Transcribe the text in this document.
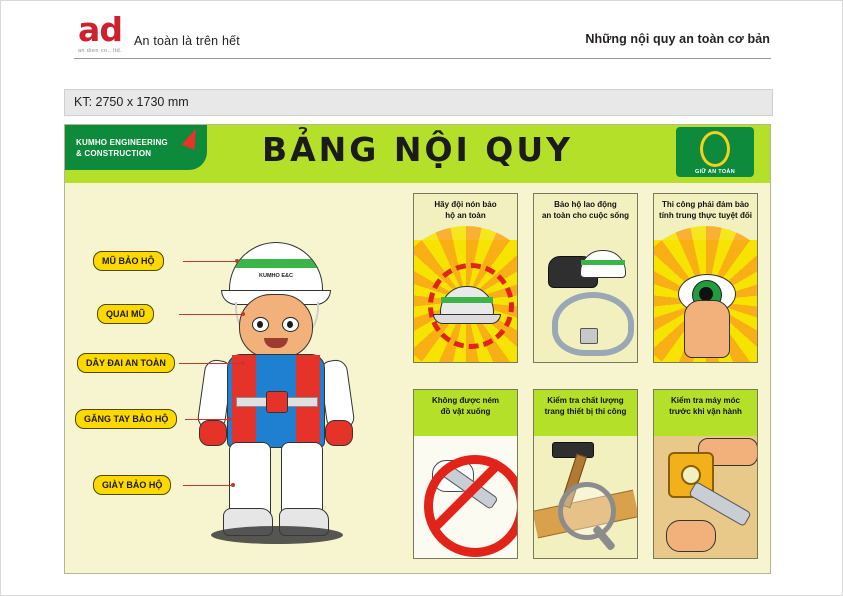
ad
an dien co., ltd.
An toàn là trên hết	Những nội quy an toàn cơ bản
KT: 2750 x 1730 mm
KUMHO ENGINEERING
& CONSTRUCTION	BẢNG NỘI QUY
GIỮ AN TOÀN
KUMHO E&C
MŨ BẢO HỘ
QUAI MŨ
DÂY ĐAI AN TOÀN
GĂNG TAY BẢO HỘ
GIÀY BẢO HỘ
Hãy đội nón bảo
hộ an toàn
Bảo hộ lao động
an toàn cho cuộc sống
Thi công phải đảm bảo
tính trung thực tuyệt đối
Không được ném
đồ vật xuống
Kiểm tra chất lượng
trang thiết bị thi công
Kiểm tra máy móc
trước khi vận hành
